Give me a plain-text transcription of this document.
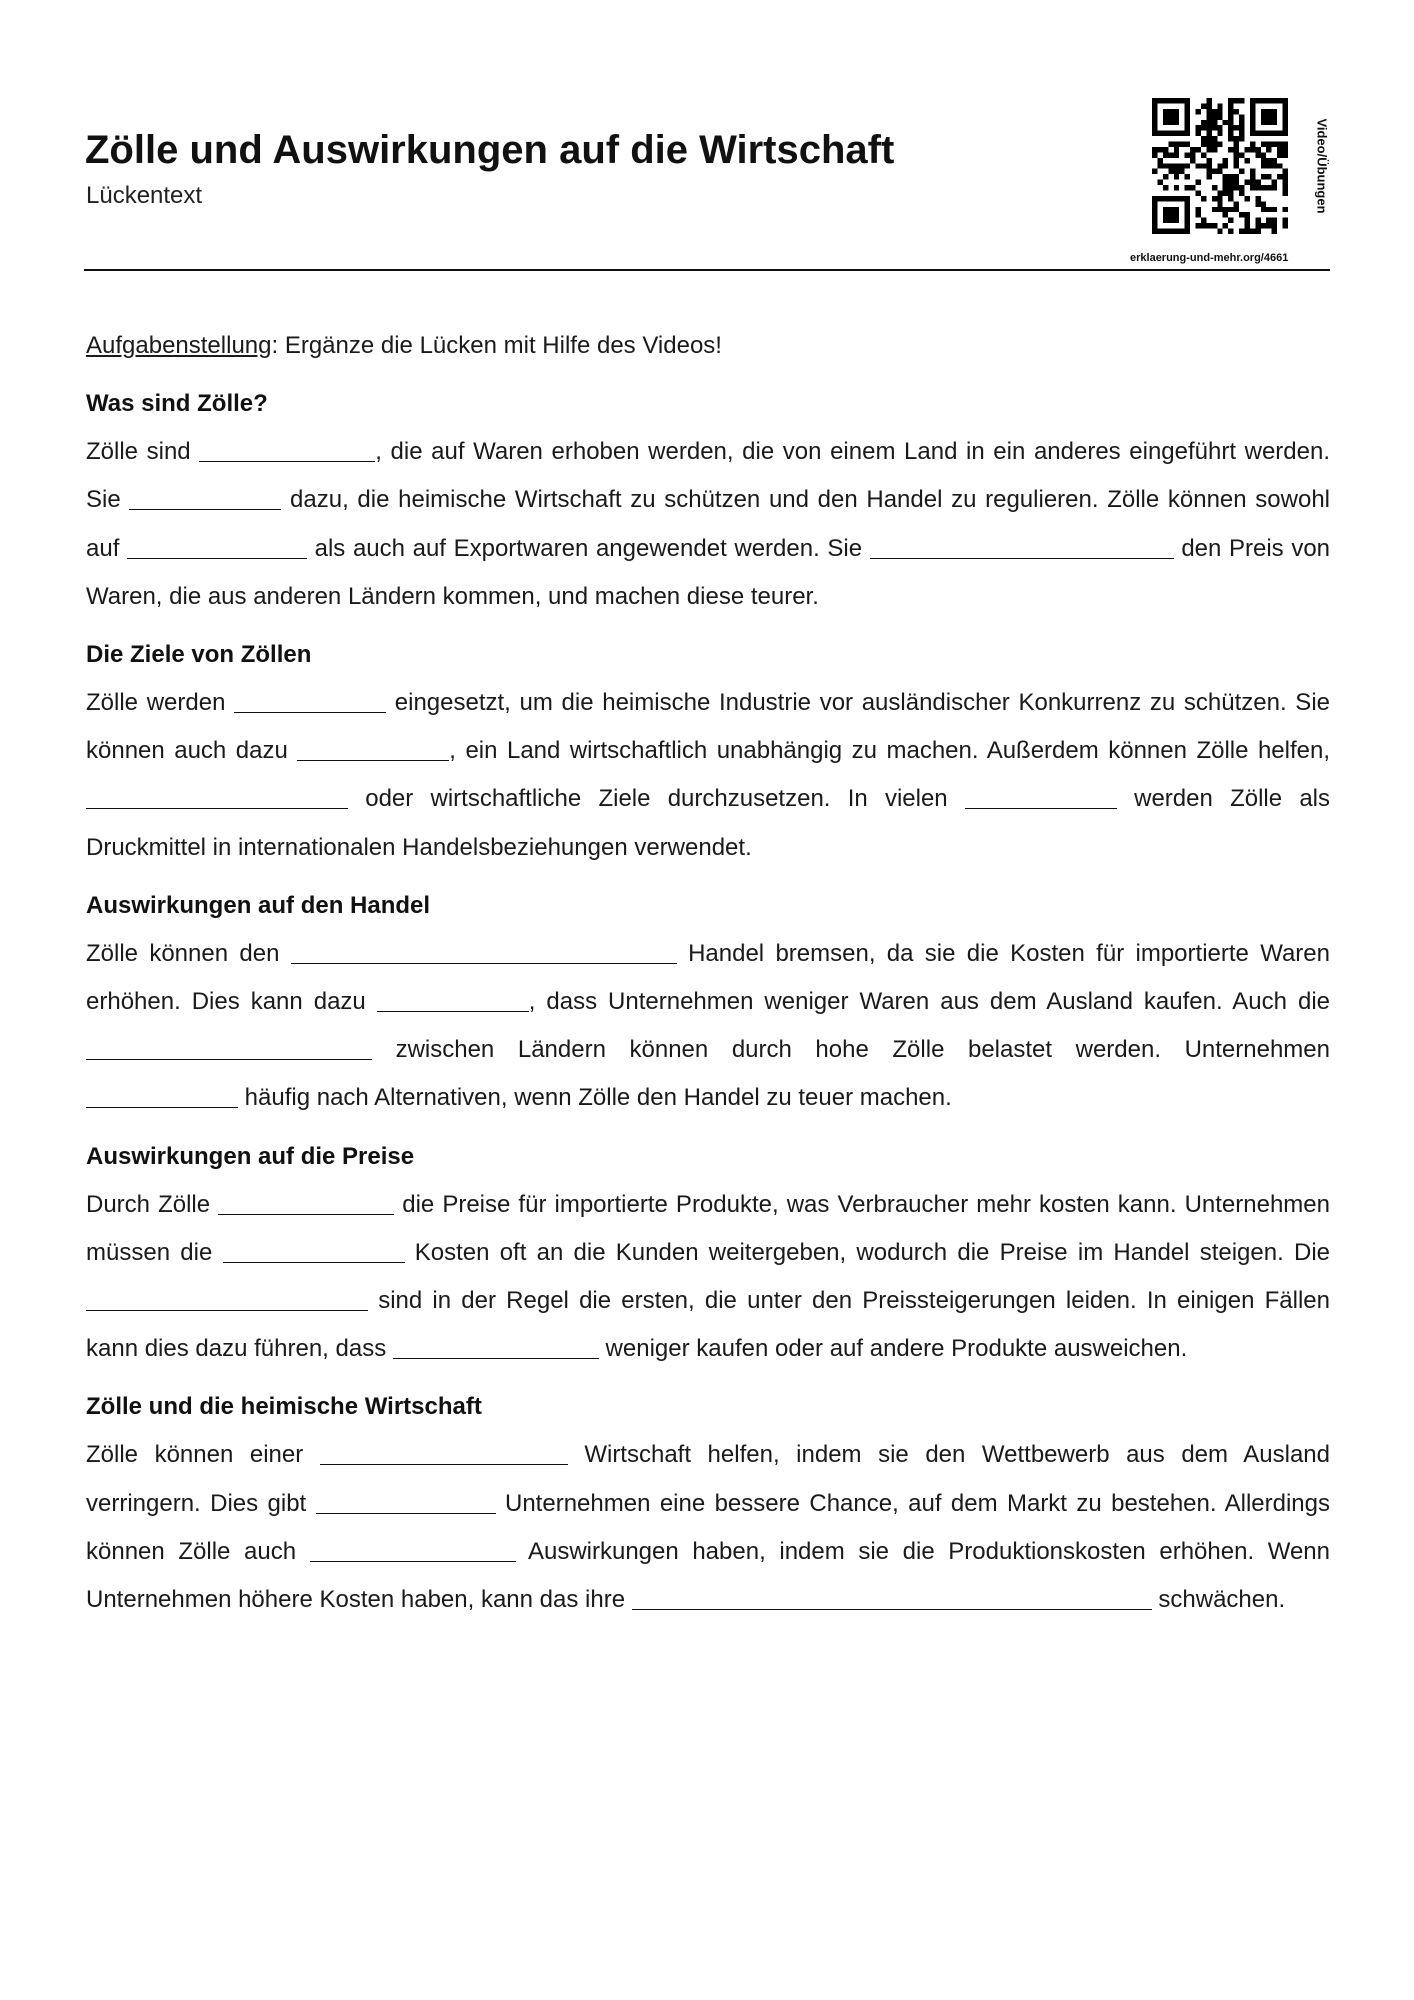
Zölle und Auswirkungen auf die Wirtschaft
Lückentext	Video/Übungen
erklaerung-und-mehr.org/4661

Aufgabenstellung: Ergänze die Lücken mit Hilfe des Videos!

Was sind Zölle?

Zölle sind	, die auf Waren erhoben werden, die von einem Land in ein anderes eingeführt werden. Sie	dazu, die heimische Wirtschaft zu schützen und den Handel zu regulieren. Zölle können sowohl auf	als auch auf Exportwaren angewendet werden. Sie	den Preis von Waren, die aus anderen Ländern kommen, und machen diese teurer.

Die Ziele von Zöllen

Zölle werden	eingesetzt, um die heimische Industrie vor ausländischer Konkurrenz zu schützen. Sie können auch dazu	, ein Land wirtschaftlich unabhängig zu machen. Außerdem können Zölle helfen,  oder wirtschaftliche Ziele durchzusetzen. In vielen	werden Zölle als Druckmittel in internationalen Handelsbeziehungen verwendet.

Auswirkungen auf den Handel

Zölle können den	Handel bremsen, da sie die Kosten für importierte Waren erhöhen. Dies kann dazu	, dass Unternehmen weniger Waren aus dem Ausland kaufen. Auch die  zwischen Ländern können durch hohe Zölle belastet werden. Unternehmen  häufig nach Alternativen, wenn Zölle den Handel zu teuer machen.

Auswirkungen auf die Preise

Durch Zölle	die Preise für importierte Produkte, was Verbraucher mehr kosten kann. Unternehmen müssen die	Kosten oft an die Kunden weitergeben, wodurch die Preise im Handel steigen. Die  sind in der Regel die ersten, die unter den Preissteigerungen leiden. In einigen Fällen kann dies dazu führen, dass	weniger kaufen oder auf andere Produkte ausweichen.

Zölle und die heimische Wirtschaft

Zölle können einer	Wirtschaft helfen, indem sie den Wettbewerb aus dem Ausland verringern. Dies gibt	Unternehmen eine bessere Chance, auf dem Markt zu bestehen. Allerdings können Zölle auch	Auswirkungen haben, indem sie die Produktionskosten erhöhen. Wenn Unternehmen höhere Kosten haben, kann das ihre	schwächen.
